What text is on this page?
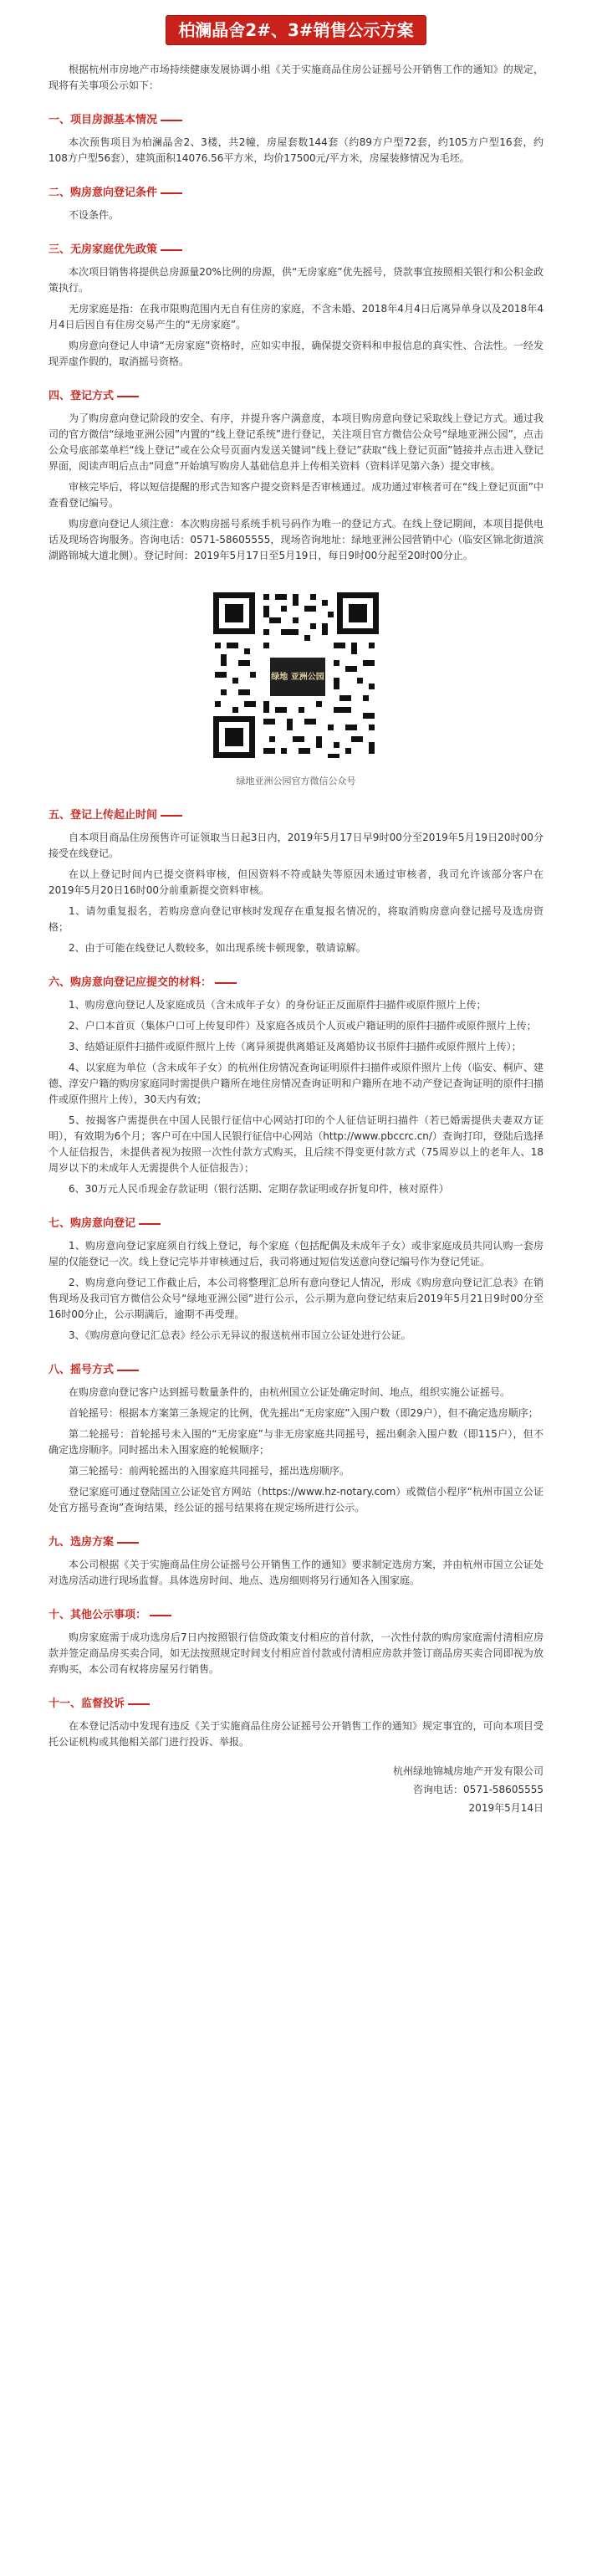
柏澜晶舍2#、3#销售公示方案

根据杭州市房地产市场持续健康发展协调小组《关于实施商品住房公证摇号公开销售工作的通知》的规定，现将有关事项公示如下：

一、项目房源基本情况

本次预售项目为柏澜晶舍2、3楼，共2幢，房屋套数144套（约89方户型72套，约105方户型16套，约108方户型56套），建筑面积14076.56平方米，均价17500元/平方米，房屋装修情况为毛坯。

二、购房意向登记条件

不设条件。

三、无房家庭优先政策

本次项目销售将提供总房源量20%比例的房源，供“无房家庭”优先摇号，贷款事宜按照相关银行和公积金政策执行。

无房家庭是指：在我市限购范围内无自有住房的家庭，不含未婚、2018年4月4日后离异单身以及2018年4月4日后因自有住房交易产生的“无房家庭”。

购房意向登记人申请“无房家庭”资格时，应如实申报，确保提交资料和申报信息的真实性、合法性。一经发现弄虚作假的，取消摇号资格。

四、登记方式

为了购房意向登记阶段的安全、有序，并提升客户满意度，本项目购房意向登记采取线上登记方式。通过我司的官方微信“绿地亚洲公园”内置的“线上登记系统”进行登记，关注项目官方微信公众号“绿地亚洲公园”，点击公众号底部菜单栏“线上登记”或在公众号页面内发送关键词“线上登记”获取“线上登记页面”链接并点击进入登记界面，阅读声明后点击“同意”开始填写购房人基础信息并上传相关资料（资料详见第六条）提交审核。

审核完毕后，将以短信提醒的形式告知客户提交资料是否审核通过。成功通过审核者可在“线上登记页面”中查看登记编号。

购房意向登记人须注意：本次购房摇号系统手机号码作为唯一的登记方式。在线上登记期间，本项目提供电话及现场咨询服务。咨询电话：0571-58605555，现场咨询地址：绿地亚洲公园营销中心（临安区锦北街道滨湖路锦城大道北侧）。登记时间：2019年5月17日至5月19日，每日9时00分起至20时00分止。

绿地 亚洲公园
绿地亚洲公园官方微信公众号
五、登记上传起止时间

自本项目商品住房预售许可证领取当日起3日内，2019年5月17日早9时00分至2019年5月19日20时00分接受在线登记。

在以上登记时间内已提交资料审核，但因资料不符或缺失等原因未通过审核者，我司允许该部分客户在2019年5月20日16时00分前重新提交资料审核。

1、请勿重复报名，若购房意向登记审核时发现存在重复报名情况的，将取消购房意向登记摇号及选房资格；

2、由于可能在线登记人数较多，如出现系统卡顿现象，敬请谅解。

六、购房意向登记应提交的材料：

1、购房意向登记人及家庭成员（含未成年子女）的身份证正反面原件扫描件或原件照片上传；

2、户口本首页（集体户口可上传复印件）及家庭各成员个人页或户籍证明的原件扫描件或原件照片上传；

3、结婚证原件扫描件或原件照片上传（离异须提供离婚证及离婚协议书原件扫描件或原件照片上传）；

4、以家庭为单位（含未成年子女）的杭州住房情况查询证明原件扫描件或原件照片上传（临安、桐庐、建德、淳安户籍的购房家庭同时需提供户籍所在地住房情况查询证明和户籍所在地不动产登记查询证明的原件扫描件或原件照片上传），30天内有效；

5、按揭客户需提供在中国人民银行征信中心网站打印的个人征信证明扫描件（若已婚需提供夫妻双方证明），有效期为6个月；客户可在中国人民银行征信中心网站（http://www.pbccrc.cn/）查询打印，登陆后选择个人征信报告，未提供者视为按照一次性付款方式购买，且后续不得变更付款方式（75周岁以上的老年人、18周岁以下的未成年人无需提供个人征信报告）；

6、30万元人民币现金存款证明（银行活期、定期存款证明或存折复印件，核对原件）

七、购房意向登记

1、购房意向登记家庭须自行线上登记，每个家庭（包括配偶及未成年子女）或非家庭成员共同认购一套房屋的仅能登记一次。线上登记完毕并审核通过后，我司将通过短信发送意向登记编号作为登记凭证。

2、购房意向登记工作截止后，本公司将整理汇总所有意向登记人情况，形成《购房意向登记汇总表》在销售现场及我司官方微信公众号“绿地亚洲公园”进行公示，公示期为意向登记结束后2019年5月21日9时00分至16时00分止，公示期满后，逾期不再受理。

3、《购房意向登记汇总表》经公示无异议的报送杭州市国立公证处进行公证。

八、摇号方式

在购房意向登记客户达到摇号数量条件的，由杭州国立公证处确定时间、地点，组织实施公证摇号。

首轮摇号：根据本方案第三条规定的比例，优先摇出“无房家庭”入围户数（即29户），但不确定选房顺序；

第二轮摇号：首轮摇号未入围的“无房家庭”与非无房家庭共同摇号，摇出剩余入围户数（即115户），但不确定选房顺序。同时摇出未入围家庭的轮候顺序；

第三轮摇号：前两轮摇出的入围家庭共同摇号，摇出选房顺序。

登记家庭可通过登陆国立公证处官方网站（https://www.hz-notary.com）或微信小程序“杭州市国立公证处官方摇号查询”查询结果，经公证的摇号结果将在规定场所进行公示。

九、选房方案

本公司根据《关于实施商品住房公证摇号公开销售工作的通知》要求制定选房方案，并由杭州市国立公证处对选房活动进行现场监督。具体选房时间、地点、选房细则将另行通知各入围家庭。

十、其他公示事项：

购房家庭需于成功选房后7日内按照银行信贷政策支付相应的首付款，一次性付款的购房家庭需付清相应房款并签定商品房买卖合同，如无法按照规定时间支付相应首付款或付清相应房款并签订商品房买卖合同即视为放弃购买，本公司有权将房屋另行销售。

十一、监督投诉

在本登记活动中发现有违反《关于实施商品住房公证摇号公开销售工作的通知》规定事宜的，可向本项目受托公证机构或其他相关部门进行投诉、举报。

杭州绿地锦城房地产开发有限公司
咨询电话：0571-58605555
2019年5月14日
